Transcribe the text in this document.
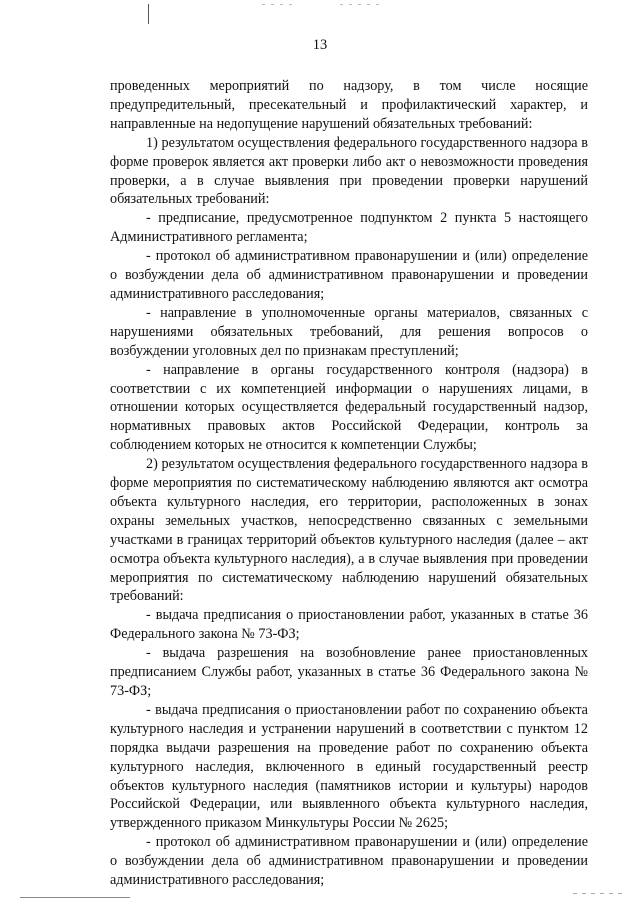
13

проведенных мероприятий по надзору, в том числе носящие предупредительный, пресекательный и профилактический характер, и направленные на недопущение нарушений обязательных требований:

1) результатом осуществления федерального государственного надзора в форме проверок является акт проверки либо акт о невозможности проведения проверки, а в случае выявления при проведении проверки нарушений обязательных требований:

- предписание, предусмотренное подпунктом 2 пункта 5 настоящего Административного регламента;

- протокол об административном правонарушении и (или) определение о возбуждении дела об административном правонарушении и проведении административного расследования;

- направление в уполномоченные органы материалов, связанных с нарушениями обязательных требований, для решения вопросов о возбуждении уголовных дел по признакам преступлений;

- направление в органы государственного контроля (надзора) в соответствии с их компетенцией информации о нарушениях лицами, в отношении которых осуществляется федеральный государственный надзор, нормативных правовых актов Российской Федерации, контроль за соблюдением которых не относится к компетенции Службы;

2) результатом осуществления федерального государственного надзора в форме мероприятия по систематическому наблюдению являются акт осмотра объекта культурного наследия, его территории, расположенных в зонах охраны земельных участков, непосредственно связанных с земельными участками в границах территорий объектов культурного наследия (далее – акт осмотра объекта культурного наследия), а в случае выявления при проведении мероприятия по систематическому наблюдению нарушений обязательных требований:

- выдача предписания о приостановлении работ, указанных в статье 36 Федерального закона № 73-ФЗ;

- выдача разрешения на возобновление ранее приостановленных предписанием Службы работ, указанных в статье 36 Федерального закона № 73-ФЗ;

- выдача предписания о приостановлении работ по сохранению объекта культурного наследия и устранении нарушений в соответствии с пунктом 12 порядка выдачи разрешения на проведение работ по сохранению объекта культурного наследия, включенного в единый государственный реестр объектов культурного наследия (памятников истории и культуры) народов Российской Федерации, или выявленного объекта культурного наследия, утвержденного приказом Минкультуры России № 2625;

- протокол об административном правонарушении и (или) определение о возбуждении дела об административном правонарушении и проведении административного расследования;
